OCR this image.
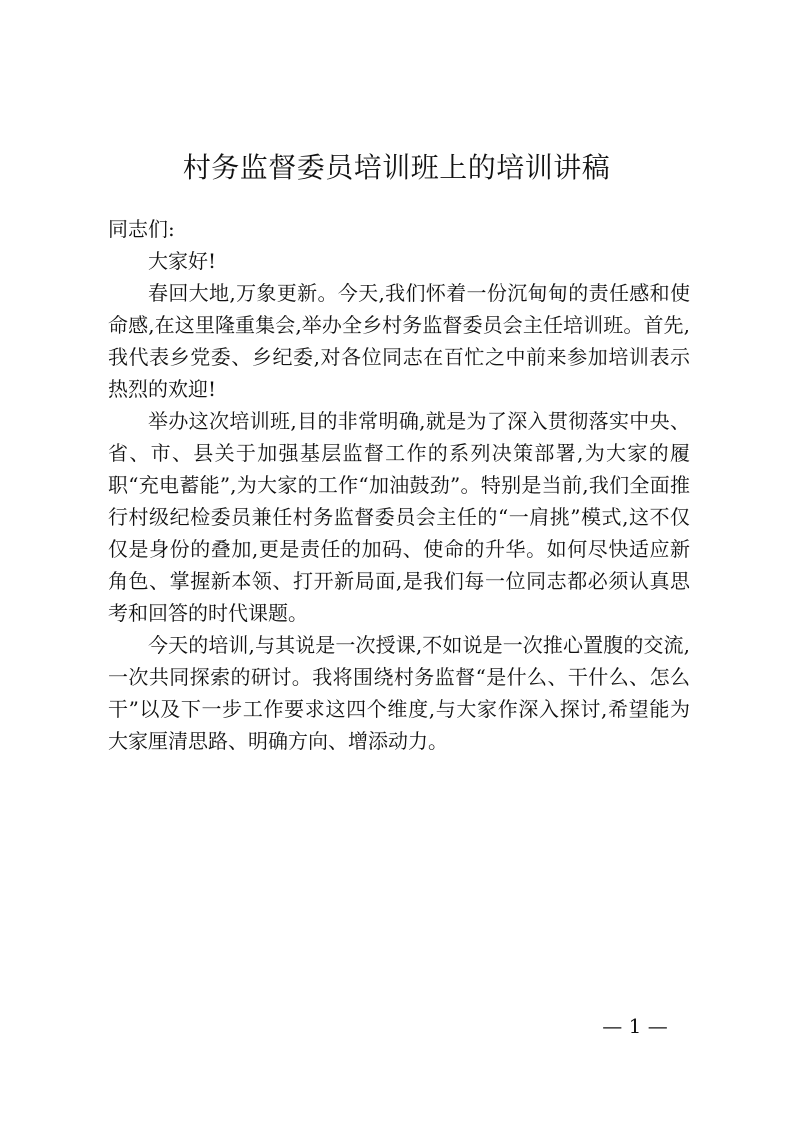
村务监督委员培训班上的培训讲稿

同志们:

大家好!

春回大地,万象更新。今天,我们怀着一份沉甸甸的责任感和使命感,在这里隆重集会,举办全乡村务监督委员会主任培训班。首先,我代表乡党委、乡纪委,对各位同志在百忙之中前来参加培训表示热烈的欢迎!

举办这次培训班,目的非常明确,就是为了深入贯彻落实中央、省、市、县关于加强基层监督工作的系列决策部署,为大家的履职“充电蓄能”,为大家的工作“加油鼓劲”。特别是当前,我们全面推行村级纪检委员兼任村务监督委员会主任的“一肩挑”模式,这不仅仅是身份的叠加,更是责任的加码、使命的升华。如何尽快适应新角色、掌握新本领、打开新局面,是我们每一位同志都必须认真思考和回答的时代课题。

今天的培训,与其说是一次授课,不如说是一次推心置腹的交流,一次共同探索的研讨。我将围绕村务监督“是什么、干什么、怎么干”以及下一步工作要求这四个维度,与大家作深入探讨,希望能为大家厘清思路、明确方向、增添动力。

— 1 —
